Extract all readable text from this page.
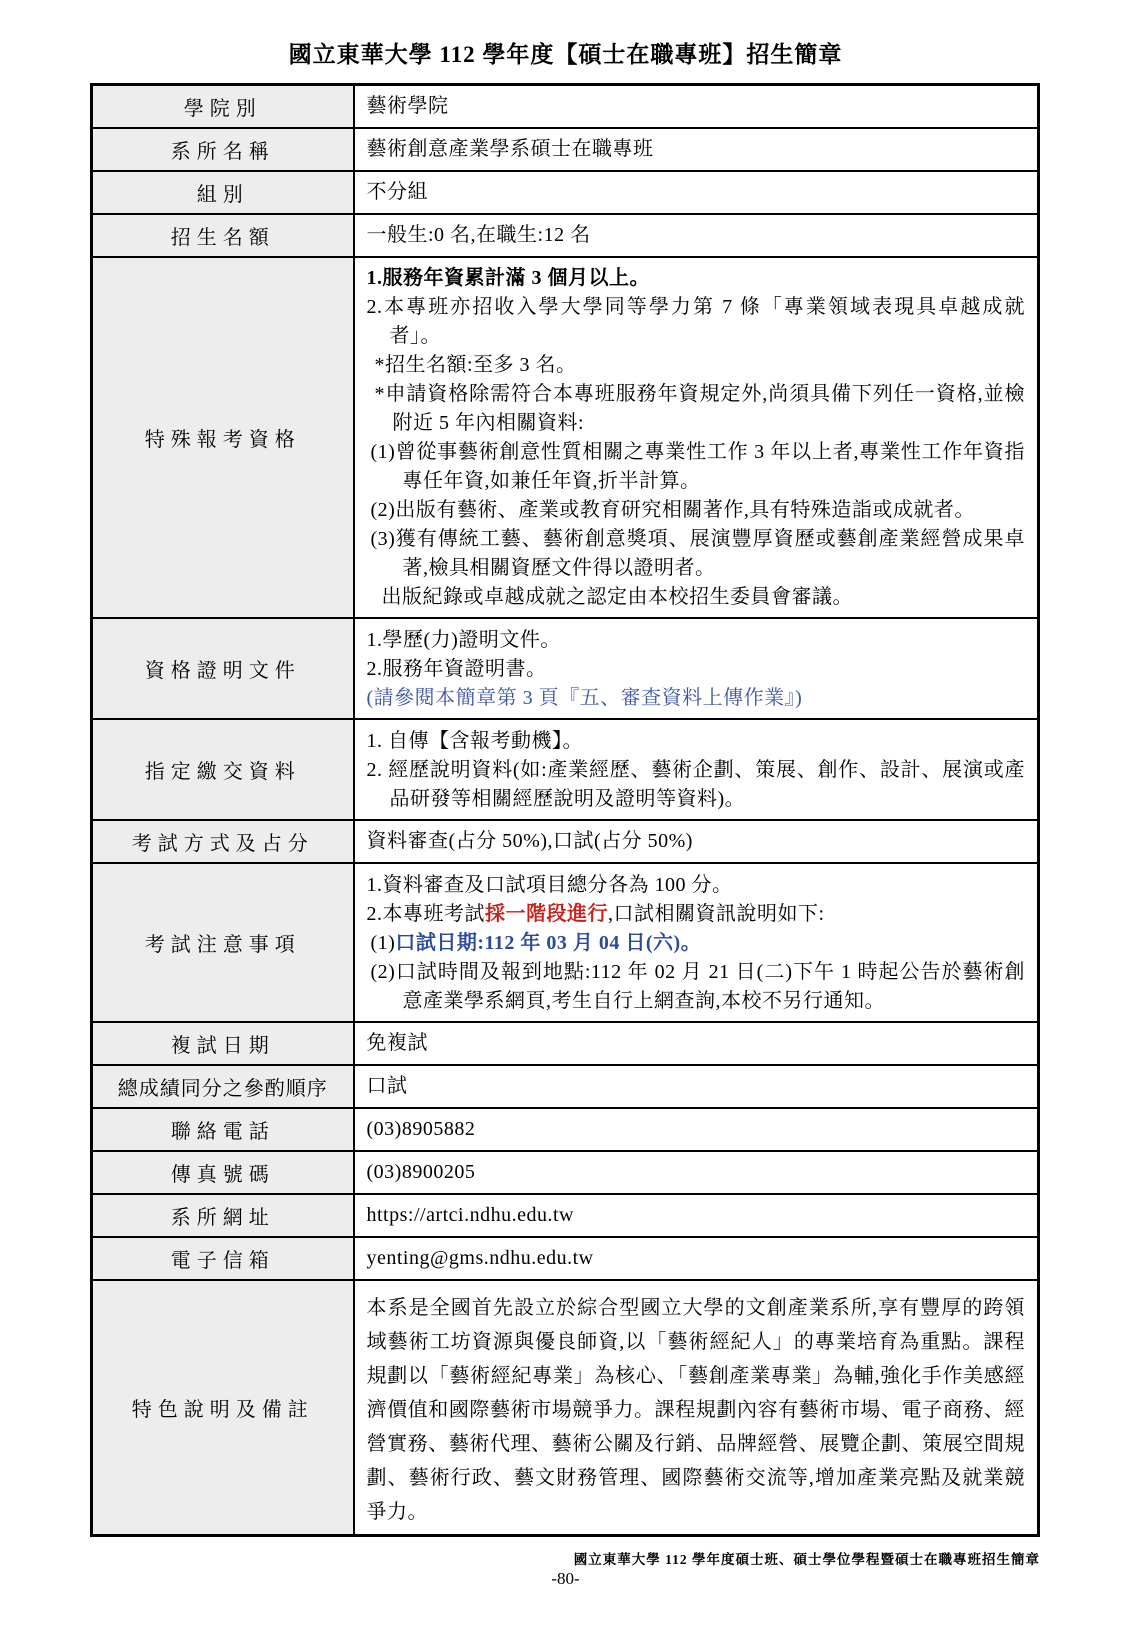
國立東華大學 112 學年度【碩士在職專班】招生簡章
學院別	藝術學院
系所名稱	藝術創意產業學系碩士在職專班
組別	不分組
招生名額	一般生:0 名,在職生:12 名
特殊報考資格	
1.服務年資累計滿 3 個月以上。
2.本專班亦招收入學大學同等學力第 7 條「專業領域表現具卓越成就者」。
*招生名額:至多 3 名。
*申請資格除需符合本專班服務年資規定外,尚須具備下列任一資格,並檢附近 5 年內相關資料:
(1)曾從事藝術創意性質相關之專業性工作 3 年以上者,專業性工作年資指專任年資,如兼任年資,折半計算。
(2)出版有藝術、產業或教育研究相關著作,具有特殊造詣或成就者。
(3)獲有傳統工藝、藝術創意獎項、展演豐厚資歷或藝創產業經營成果卓著,檢具相關資歷文件得以證明者。
出版紀錄或卓越成就之認定由本校招生委員會審議。

資格證明文件	1.學歷(力)證明文件。
2.服務年資證明書。
(請參閱本簡章第 3 頁『五、審查資料上傳作業』)

指定繳交資料	1. 自傳【含報考動機】。
2. 經歷說明資料(如:產業經歷、藝術企劃、策展、創作、設計、展演或產品研發等相關經歷說明及證明等資料)。

考試方式及占分	資料審查(占分 50%),口試(占分 50%)
考試注意事項	1.資料審查及口試項目總分各為 100 分。
2.本專班考試採一階段進行,口試相關資訊說明如下:
(1)口試日期:112 年 03 月 04 日(六)。
(2)口試時間及報到地點:112 年 02 月 21 日(二)下午 1 時起公告於藝術創意產業學系網頁,考生自行上網查詢,本校不另行通知。

複試日期	免複試
總成績同分之參酌順序	口試
聯絡電話	(03)8905882
傳真號碼	(03)8900205
系所網址	https://artci.ndhu.edu.tw
電子信箱	yenting@gms.ndhu.edu.tw
特色說明及備註	本系是全國首先設立於綜合型國立大學的文創產業系所,享有豐厚的跨領域藝術工坊資源與優良師資,以「藝術經紀人」的專業培育為重點。課程規劃以「藝術經紀專業」為核心、「藝創產業專業」為輔,強化手作美感經濟價值和國際藝術市場競爭力。課程規劃內容有藝術市場、電子商務、經營實務、藝術代理、藝術公關及行銷、品牌經營、展覽企劃、策展空間規劃、藝術行政、藝文財務管理、國際藝術交流等,增加產業亮點及就業競爭力。
國立東華大學 112 學年度碩士班、碩士學位學程暨碩士在職專班招生簡章
-80-
